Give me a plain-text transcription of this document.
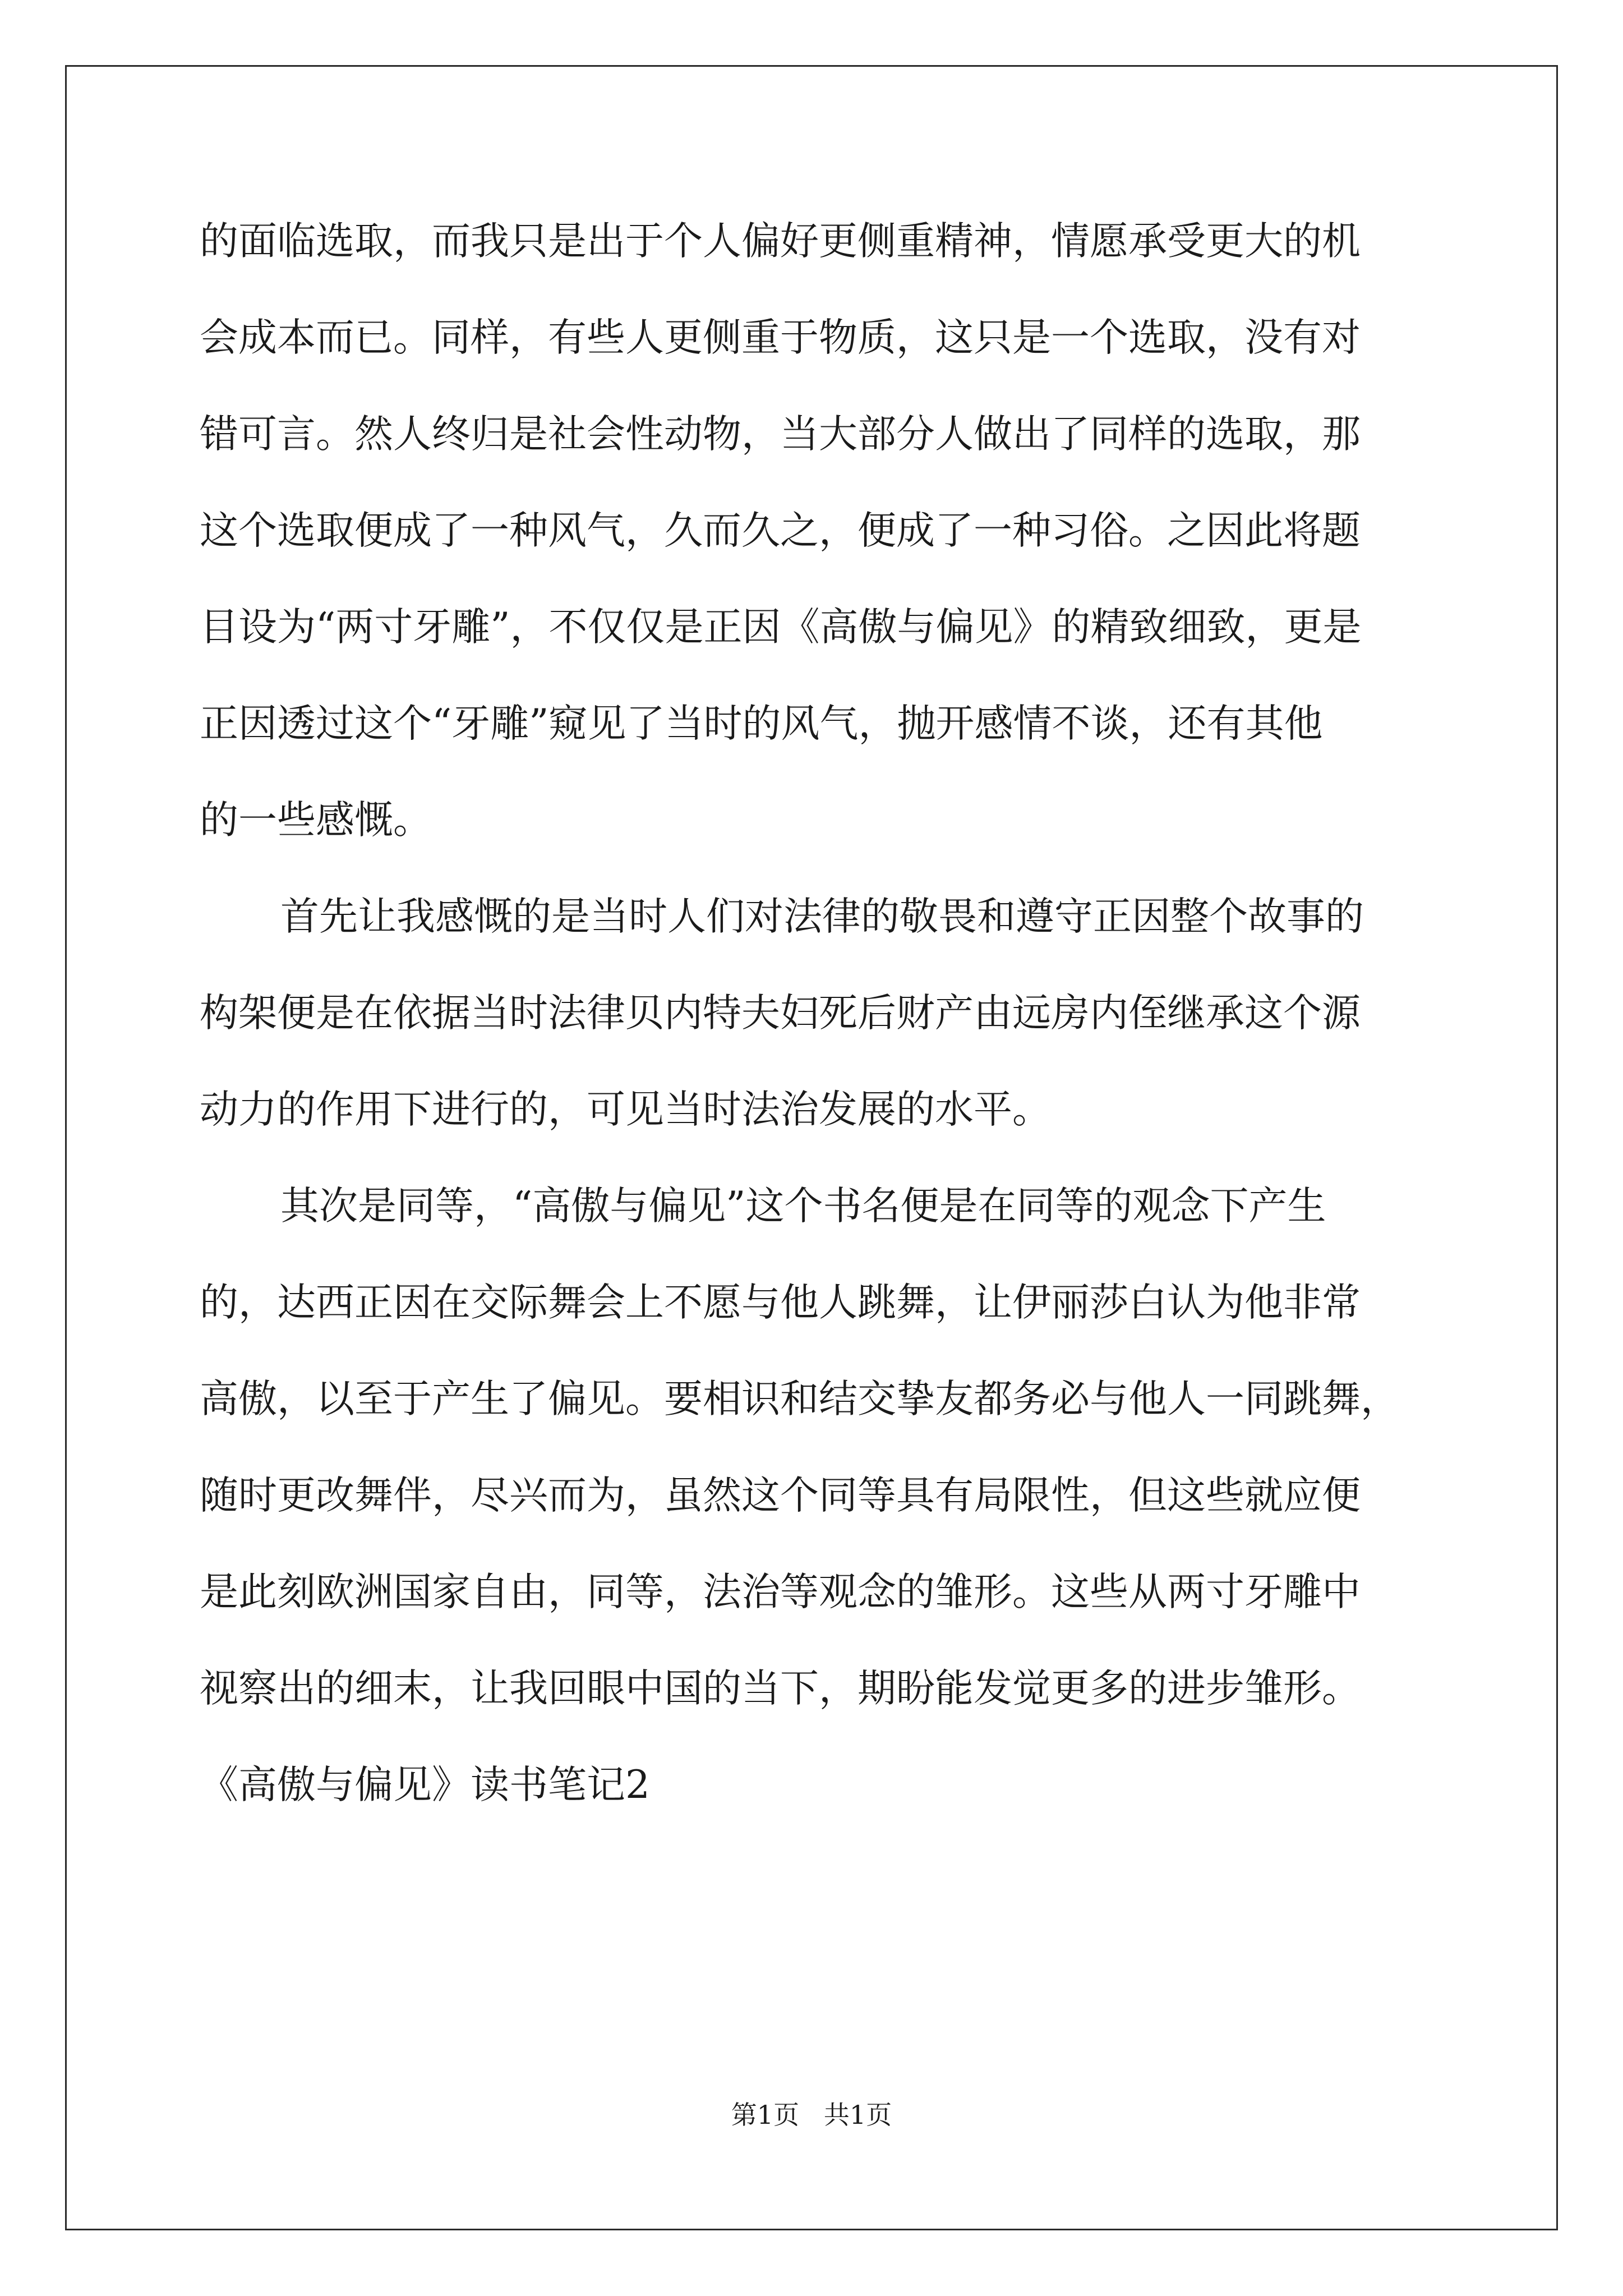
的面临选取，而我只是出于个人偏好更侧重精神，情愿承受更大的机
会成本而已。同样，有些人更侧重于物质，这只是一个选取，没有对
错可言。然人终归是社会性动物，当大部分人做出了同样的选取，那
这个选取便成了一种风气，久而久之，便成了一种习俗。之因此将题
目设为“两寸牙雕”，不仅仅是正因《高傲与偏见》的精致细致，更是
正因透过这个“牙雕”窥见了当时的风气，抛开感情不谈，还有其他
的一些感慨。
首先让我感慨的是当时人们对法律的敬畏和遵守正因整个故事的
构架便是在依据当时法律贝内特夫妇死后财产由远房内侄继承这个源
动力的作用下进行的，可见当时法治发展的水平。
其次是同等，“高傲与偏见”这个书名便是在同等的观念下产生
的，达西正因在交际舞会上不愿与他人跳舞，让伊丽莎白认为他非常
高傲，以至于产生了偏见。要相识和结交挚友都务必与他人一同跳舞，
随时更改舞伴，尽兴而为，虽然这个同等具有局限性，但这些就应便
是此刻欧洲国家自由，同等，法治等观念的雏形。这些从两寸牙雕中
视察出的细末，让我回眼中国的当下，期盼能发觉更多的进步雏形。
《高傲与偏见》读书笔记2
第1页   共1页
